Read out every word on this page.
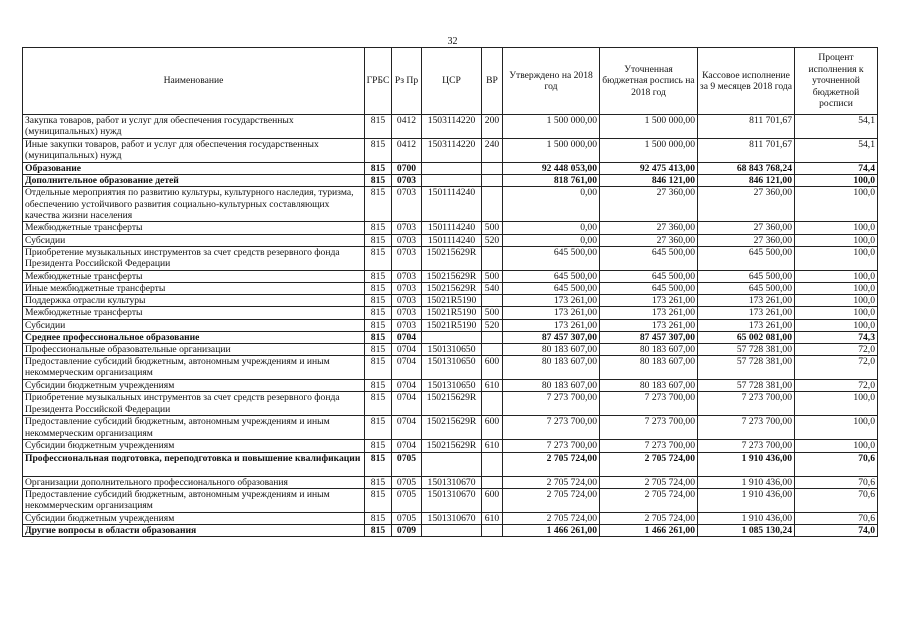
32
Наименование	ГРБС	Рз Пр	ЦСР	ВР	Утверждено на 2018 год	Уточненная бюджетная роспись на 2018 год	Кассовое исполнение за 9 месяцев 2018 года	Процент исполнения к уточненной бюджетной росписи
Закупка товаров, работ и услуг для обеспечения государственных (муниципальных) нужд	815	0412	1503114220	200	1 500 000,00	1 500 000,00	811 701,67	54,1
Иные закупки товаров, работ и услуг для обеспечения государственных (муниципальных) нужд	815	0412	1503114220	240	1 500 000,00	1 500 000,00	811 701,67	54,1
Образование	815	0700			92 448 053,00	92 475 413,00	68 843 768,24	74,4
Дополнительное образование детей	815	0703			818 761,00	846 121,00	846 121,00	100,0
Отдельные мероприятия по развитию культуры, культурного наследия, туризма, обеспечению устойчивого развития социально-культурных составляющих качества жизни населения	815	0703	1501114240		0,00	27 360,00	27 360,00	100,0
Межбюджетные трансферты	815	0703	1501114240	500	0,00	27 360,00	27 360,00	100,0
Субсидии	815	0703	1501114240	520	0,00	27 360,00	27 360,00	100,0
Приобретение музыкальных инструментов за счет средств резервного фонда Президента Российской Федерации	815	0703	150215629R		645 500,00	645 500,00	645 500,00	100,0
Межбюджетные трансферты	815	0703	150215629R	500	645 500,00	645 500,00	645 500,00	100,0
Иные межбюджетные трансферты	815	0703	150215629R	540	645 500,00	645 500,00	645 500,00	100,0
Поддержка отрасли культуры	815	0703	15021R5190		173 261,00	173 261,00	173 261,00	100,0
Межбюджетные трансферты	815	0703	15021R5190	500	173 261,00	173 261,00	173 261,00	100,0
Субсидии	815	0703	15021R5190	520	173 261,00	173 261,00	173 261,00	100,0
Среднее профессиональное образование	815	0704			87 457 307,00	87 457 307,00	65 002 081,00	74,3
Профессиональные образовательные организации	815	0704	1501310650		80 183 607,00	80 183 607,00	57 728 381,00	72,0
Предоставление субсидий бюджетным, автономным учреждениям и иным некоммерческим организациям	815	0704	1501310650	600	80 183 607,00	80 183 607,00	57 728 381,00	72,0
Субсидии бюджетным учреждениям	815	0704	1501310650	610	80 183 607,00	80 183 607,00	57 728 381,00	72,0
Приобретение музыкальных инструментов за счет средств резервного фонда Президента Российской Федерации	815	0704	150215629R		7 273 700,00	7 273 700,00	7 273 700,00	100,0
Предоставление субсидий бюджетным, автономным учреждениям и иным некоммерческим организациям	815	0704	150215629R	600	7 273 700,00	7 273 700,00	7 273 700,00	100,0
Субсидии бюджетным учреждениям	815	0704	150215629R	610	7 273 700,00	7 273 700,00	7 273 700,00	100,0
Профессиональная подготовка, переподготовка и повышение квалификации	815	0705			2 705 724,00	2 705 724,00	1 910 436,00	70,6
Организации дополнительного профессионального образования	815	0705	1501310670		2 705 724,00	2 705 724,00	1 910 436,00	70,6
Предоставление субсидий бюджетным, автономным учреждениям и иным некоммерческим организациям	815	0705	1501310670	600	2 705 724,00	2 705 724,00	1 910 436,00	70,6
Субсидии бюджетным учреждениям	815	0705	1501310670	610	2 705 724,00	2 705 724,00	1 910 436,00	70,6
Другие вопросы в области образования	815	0709			1 466 261,00	1 466 261,00	1 085 130,24	74,0
